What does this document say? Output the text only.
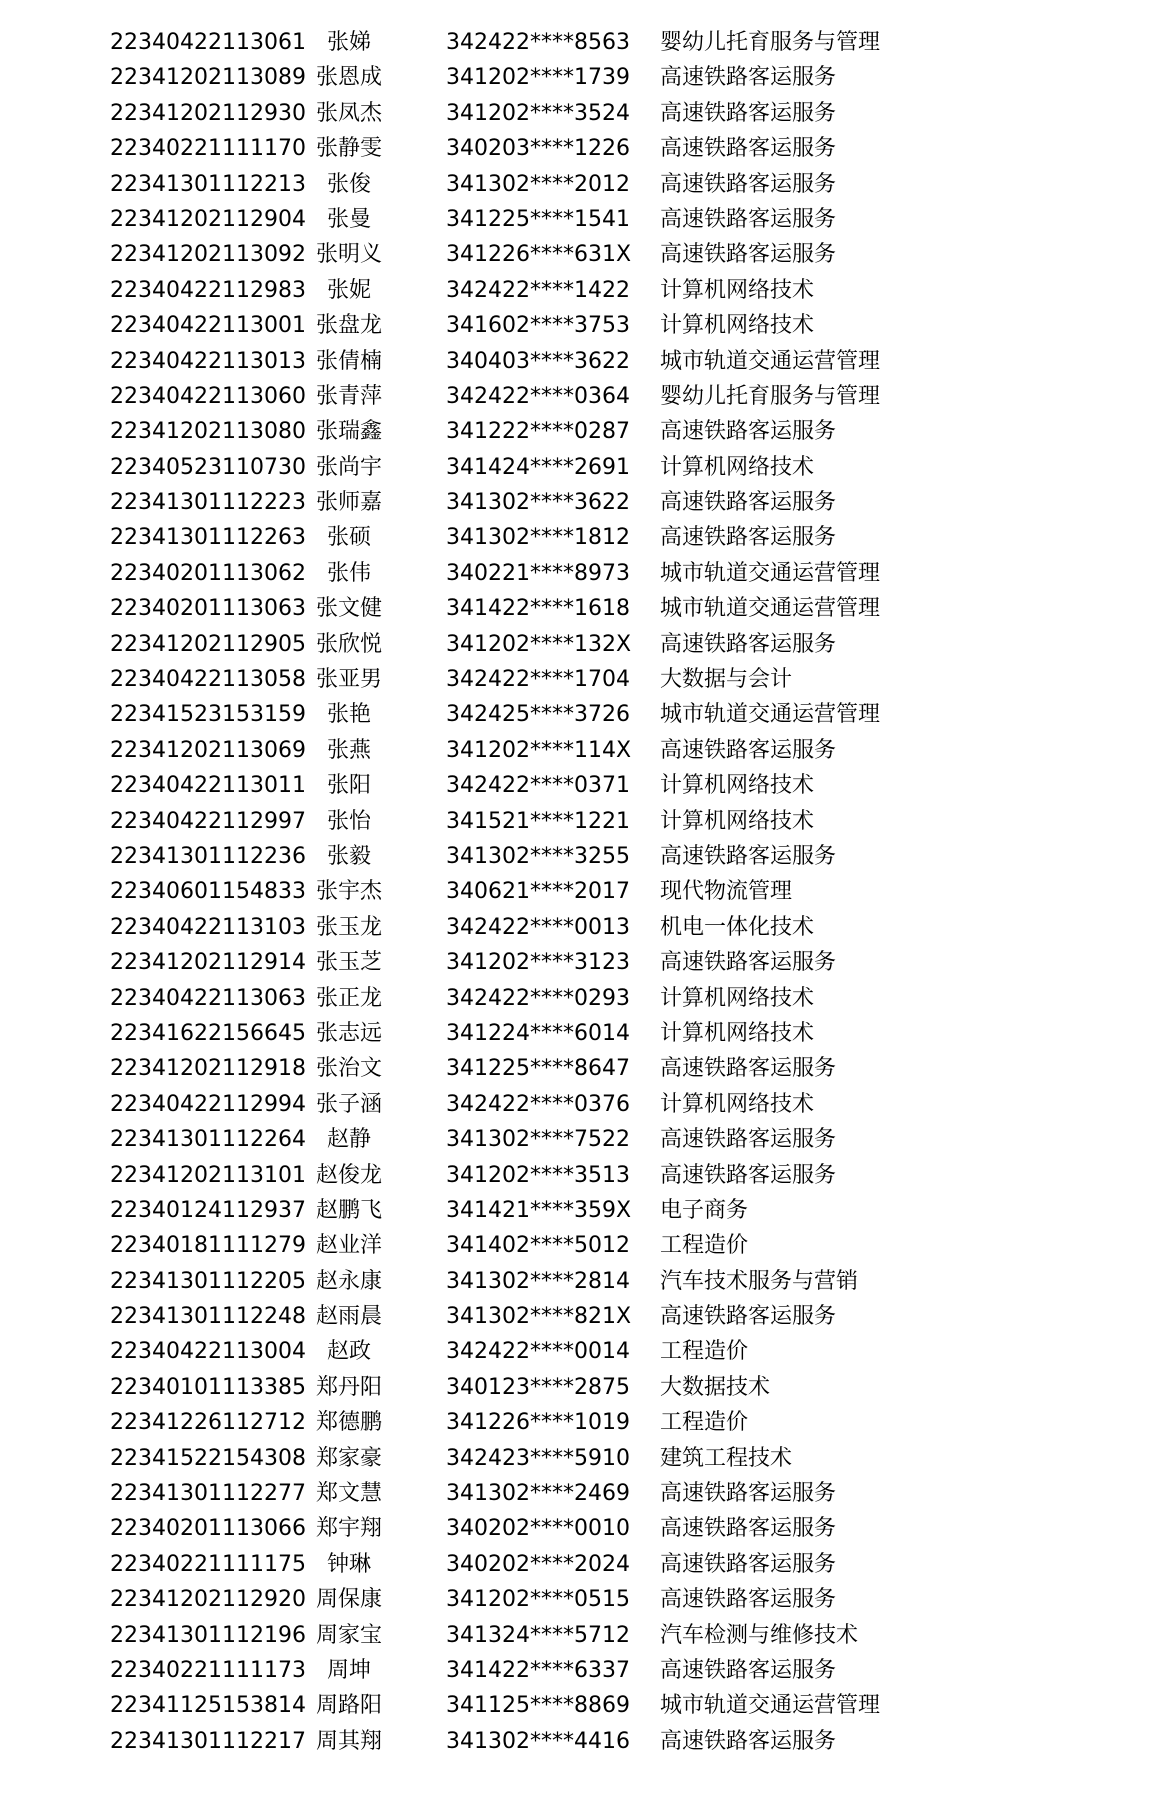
22340422113061 张娣	342422****8563	婴幼儿托育服务与管理
22341202113089 张恩成	341202****1739	高速铁路客运服务
22341202112930 张凤杰	341202****3524	高速铁路客运服务
22340221111170 张静雯	340203****1226	高速铁路客运服务
22341301112213 张俊	341302****2012	高速铁路客运服务
22341202112904 张曼	341225****1541	高速铁路客运服务
22341202113092 张明义	341226****631X	高速铁路客运服务
22340422112983 张妮	342422****1422	计算机网络技术
22340422113001 张盘龙	341602****3753	计算机网络技术
22340422113013 张倩楠	340403****3622	城市轨道交通运营管理
22340422113060 张青萍	342422****0364	婴幼儿托育服务与管理
22341202113080 张瑞鑫	341222****0287	高速铁路客运服务
22340523110730 张尚宇	341424****2691	计算机网络技术
22341301112223 张师嘉	341302****3622	高速铁路客运服务
22341301112263 张硕	341302****1812	高速铁路客运服务
22340201113062 张伟	340221****8973	城市轨道交通运营管理
22340201113063 张文健	341422****1618	城市轨道交通运营管理
22341202112905 张欣悦	341202****132X	高速铁路客运服务
22340422113058 张亚男	342422****1704	大数据与会计
22341523153159 张艳	342425****3726	城市轨道交通运营管理
22341202113069 张燕	341202****114X	高速铁路客运服务
22340422113011 张阳	342422****0371	计算机网络技术
22340422112997 张怡	341521****1221	计算机网络技术
22341301112236 张毅	341302****3255	高速铁路客运服务
22340601154833 张宇杰	340621****2017	现代物流管理
22340422113103 张玉龙	342422****0013	机电一体化技术
22341202112914 张玉芝	341202****3123	高速铁路客运服务
22340422113063 张正龙	342422****0293	计算机网络技术
22341622156645 张志远	341224****6014	计算机网络技术
22341202112918 张治文	341225****8647	高速铁路客运服务
22340422112994 张子涵	342422****0376	计算机网络技术
22341301112264 赵静	341302****7522	高速铁路客运服务
22341202113101 赵俊龙	341202****3513	高速铁路客运服务
22340124112937 赵鹏飞	341421****359X	电子商务
22340181111279 赵业洋	341402****5012	工程造价
22341301112205 赵永康	341302****2814	汽车技术服务与营销
22341301112248 赵雨晨	341302****821X	高速铁路客运服务
22340422113004 赵政	342422****0014	工程造价
22340101113385 郑丹阳	340123****2875	大数据技术
22341226112712 郑德鹏	341226****1019	工程造价
22341522154308 郑家豪	342423****5910	建筑工程技术
22341301112277 郑文慧	341302****2469	高速铁路客运服务
22340201113066 郑宇翔	340202****0010	高速铁路客运服务
22340221111175 钟琳	340202****2024	高速铁路客运服务
22341202112920 周保康	341202****0515	高速铁路客运服务
22341301112196 周家宝	341324****5712	汽车检测与维修技术
22340221111173 周坤	341422****6337	高速铁路客运服务
22341125153814 周路阳	341125****8869	城市轨道交通运营管理
22341301112217 周其翔	341302****4416	高速铁路客运服务
